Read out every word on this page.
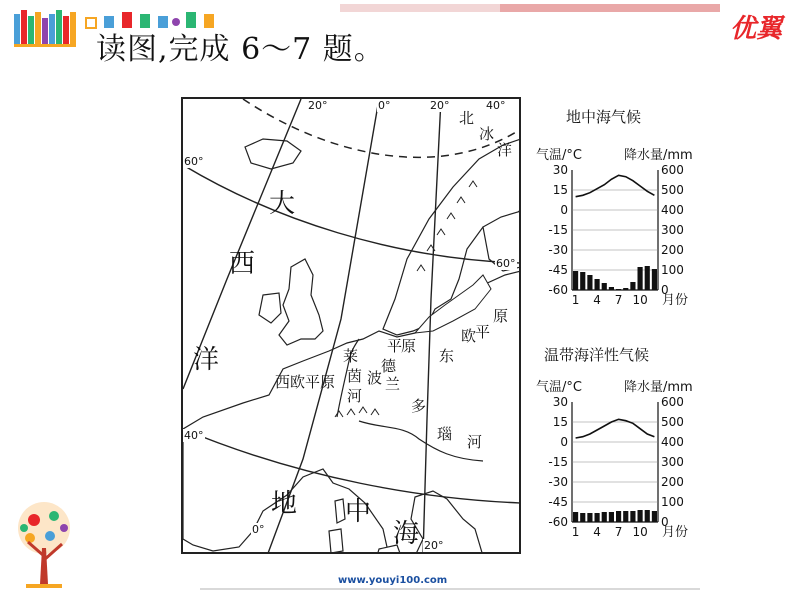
优翼
读图,完成 6～7 题。
20°	0°	20°	40°
60°
60°
40°
0°
20°
大
西
洋
地 中
海
北
冰
洋
西欧平原
莱
茵
河
平
原
德
波 兰
东
欧
平
原
多
瑙 河
地中海气候
气温/°C	降水量/mm
30
15
0
-15
-30
-45
-60
600
500
400
300
200
100
0
1 4 7 10 月份
温带海洋性气候
气温/°C	降水量/mm
30
15
0
-15
-30
-45
-60
600
500
400
300
200
100
0
1 4 7 10 月份
www.youyi100.com
